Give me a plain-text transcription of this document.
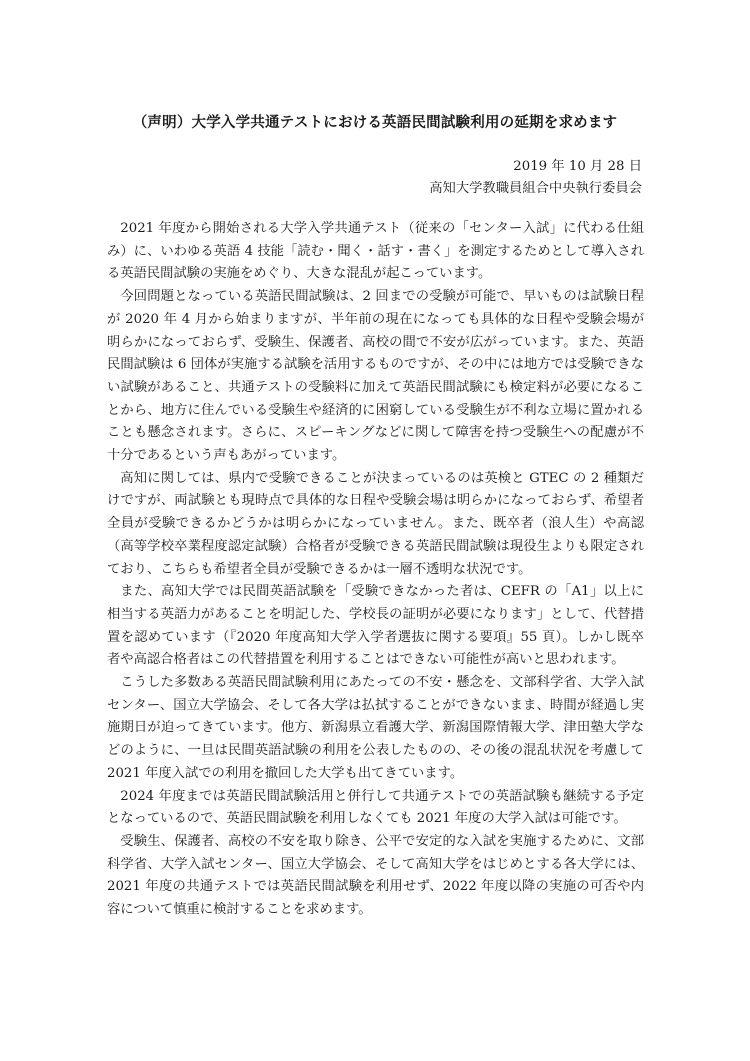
（声明）大学入学共通テストにおける英語民間試験利用の延期を求めます
2019 年 10 月 28 日
高知大学教職員組合中央執行委員会

2021 年度から開始される大学入学共通テスト（従来の「センター入試」に代わる仕組み）に、いわゆる英語 4 技能「読む・聞く・話す・書く」を測定するためとして導入される英語民間試験の実施をめぐり、大きな混乱が起こっています。

今回問題となっている英語民間試験は、2 回までの受験が可能で、早いものは試験日程が 2020 年 4 月から始まりますが、半年前の現在になっても具体的な日程や受験会場が明らかになっておらず、受験生、保護者、高校の間で不安が広がっています。また、英語民間試験は 6 団体が実施する試験を活用するものですが、その中には地方では受験できない試験があること、共通テストの受験料に加えて英語民間試験にも検定料が必要になることから、地方に住んでいる受験生や経済的に困窮している受験生が不利な立場に置かれることも懸念されます。さらに、スピーキングなどに関して障害を持つ受験生への配慮が不十分であるという声もあがっています。

高知に関しては、県内で受験できることが決まっているのは英検と GTEC の 2 種類だけですが、両試験とも現時点で具体的な日程や受験会場は明らかになっておらず、希望者全員が受験できるかどうかは明らかになっていません。また、既卒者（浪人生）や高認（高等学校卒業程度認定試験）合格者が受験できる英語民間試験は現役生よりも限定されており、こちらも希望者全員が受験できるかは一層不透明な状況です。

また、高知大学では民間英語試験を「受験できなかった者は、CEFR の「A1」以上に相当する英語力があることを明記した、学校長の証明が必要になります」として、代替措置を認めています（『2020 年度高知大学入学者選抜に関する要項』55 頁）。しかし既卒者や高認合格者はこの代替措置を利用することはできない可能性が高いと思われます。

こうした多数ある英語民間試験利用にあたっての不安・懸念を、文部科学省、大学入試センター、国立大学協会、そして各大学は払拭することができないまま、時間が経過し実施期日が迫ってきています。他方、新潟県立看護大学、新潟国際情報大学、津田塾大学などのように、一旦は民間英語試験の利用を公表したものの、その後の混乱状況を考慮して 2021 年度入試での利用を撤回した大学も出てきています。

2024 年度までは英語民間試験活用と併行して共通テストでの英語試験も継続する予定となっているので、英語民間試験を利用しなくても 2021 年度の大学入試は可能です。

受験生、保護者、高校の不安を取り除き、公平で安定的な入試を実施するために、文部科学省、大学入試センター、国立大学協会、そして高知大学をはじめとする各大学には、2021 年度の共通テストでは英語民間試験を利用せず、2022 年度以降の実施の可否や内容について慎重に検討することを求めます。
